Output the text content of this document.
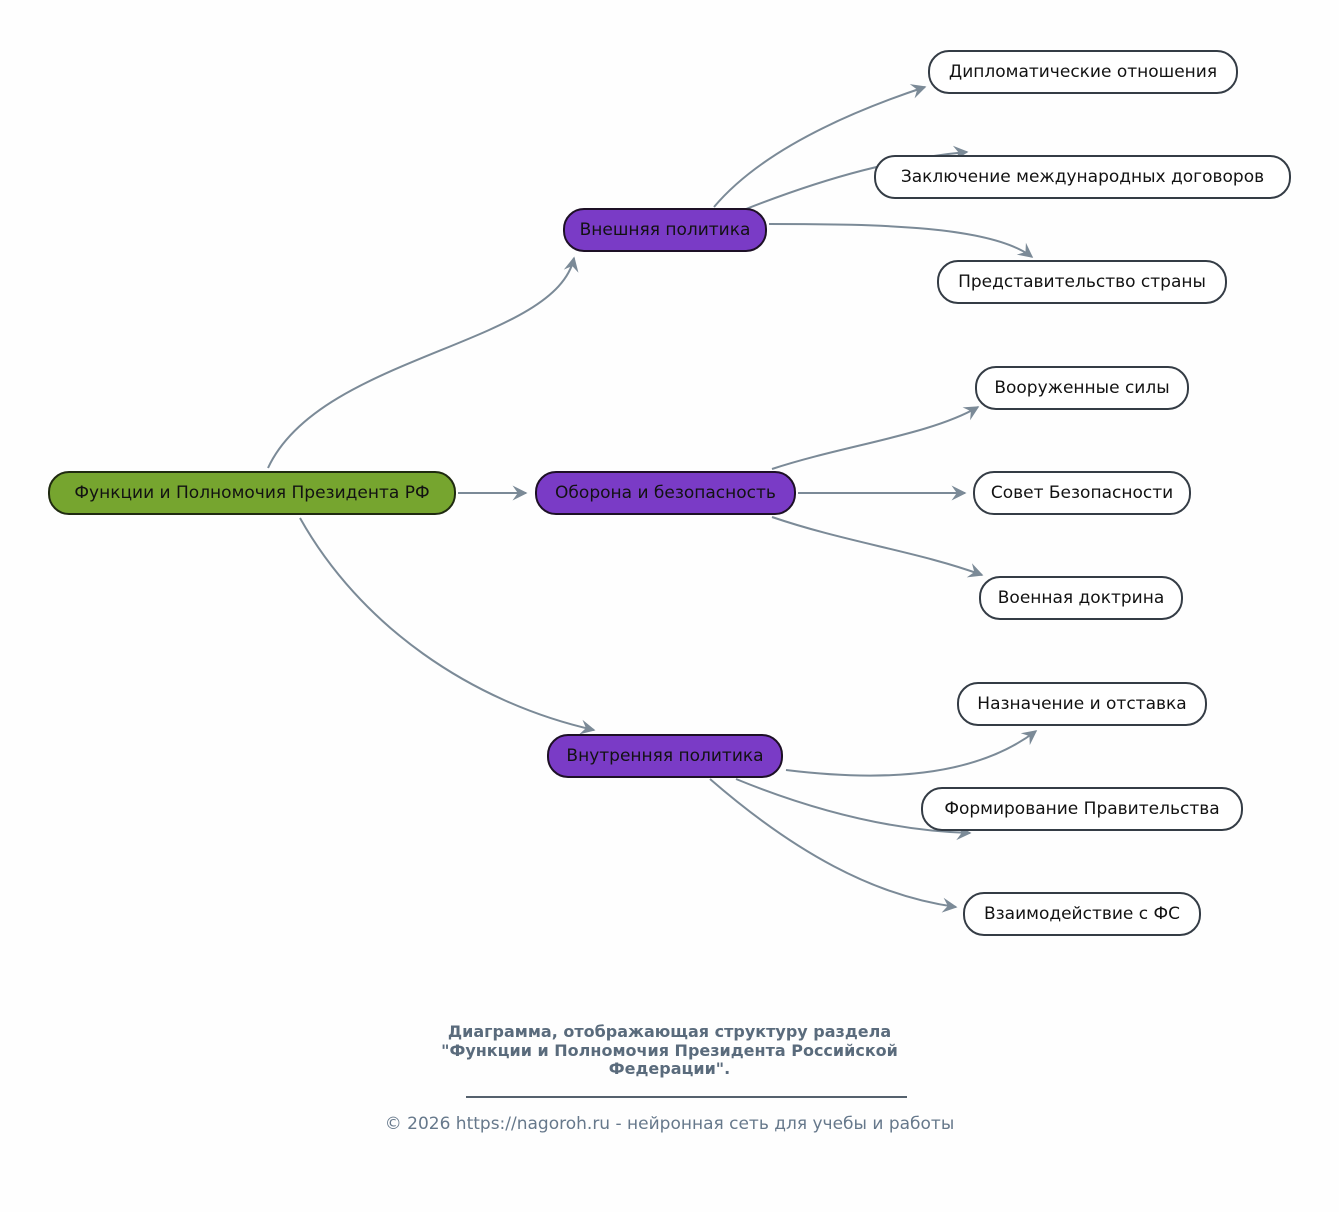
Функции и Полномочия Президента РФ
Внешняя политика
Оборона и безопасность
Внутренняя политика
Дипломатические отношения
Заключение международных договоров
Представительство страны
Вооруженные силы
Совет Безопасности
Военная доктрина
Назначение и отставка
Формирование Правительства
Взаимодействие с ФС
Диаграмма, отображающая структуру раздела "Функции и Полномочия Президента Российской Федерации".
© 2026 https://nagoroh.ru - нейронная сеть для учебы и работы
